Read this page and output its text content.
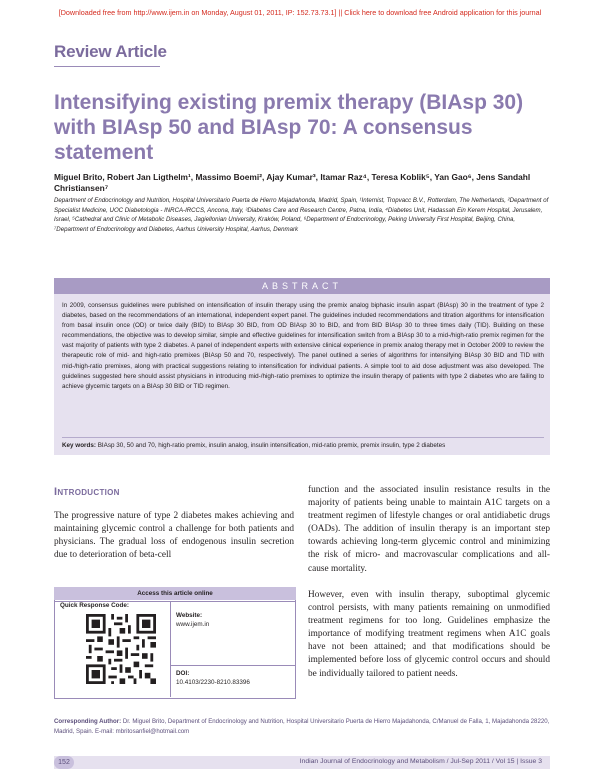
[Downloaded free from http://www.ijem.in on Monday, August 01, 2011, IP: 152.73.73.1] || Click here to download free Android application for this journal
Review Article
Intensifying existing premix therapy (BIAsp 30) with BIAsp 50 and BIAsp 70: A consensus statement
Miguel Brito, Robert Jan Ligthelm¹, Massimo Boemi², Ajay Kumar³, Itamar Raz⁴, Teresa Koblik⁵, Yan Gao⁶, Jens Sandahl Christiansen⁷
Department of Endocrinology and Nutrition, Hospital Universitario Puerta de Hierro Majadahonda, Madrid, Spain, ¹Internist, Tropvacc B.V., Rotterdam, The Netherlands, ²Department of Specialist Medicine, UOC Diabetologia - INRCA-IRCCS, Ancona, Italy, ³Diabetes Care and Research Centre, Patna, India, ⁴Diabetes Unit, Hadassah Ein Kerem Hospital, Jerusalem, Israel, ⁵Cathedral and Clinic of Metabolic Diseases, Jagiellonian University, Kraków, Poland, ⁶Department of Endocrinology, Peking University First Hospital, Beijing, China, ⁷Department of Endocrinology and Diabetes, Aarhus University Hospital, Aarhus, Denmark
ABSTRACT
In 2009, consensus guidelines were published on intensification of insulin therapy using the premix analog biphasic insulin aspart (BIAsp) 30 in the treatment of type 2 diabetes, based on the recommendations of an international, independent expert panel. The guidelines included recommendations and titration algorithms for intensification from basal insulin once (OD) or twice daily (BID) to BIAsp 30 BID, from OD BIAsp 30 to BID, and from BID BIAsp 30 to three times daily (TID). Building on these recommendations, the objective was to develop similar, simple and effective guidelines for intensification switch from a BIAsp 30 to a mid-/high-ratio premix regimen for the vast majority of patients with type 2 diabetes. A panel of independent experts with extensive clinical experience in premix analog therapy met in October 2009 to review the therapeutic role of mid- and high-ratio premixes (BIAsp 50 and 70, respectively). The panel outlined a series of algorithms for intensifying BIAsp 30 BID and TID with mid-/high-ratio premixes, along with practical suggestions relating to intensification for individual patients. A simple tool to aid dose adjustment was also developed. The guidelines suggested here should assist physicians in introducing mid-/high-ratio premixes to optimize the insulin therapy of patients with type 2 diabetes who are failing to achieve glycemic targets on a BIAsp 30 BID or TID regimen.
Key words: BIAsp 30, 50 and 70, high-ratio premix, insulin analog, insulin intensification, mid-ratio premix, premix insulin, type 2 diabetes
Introduction
The progressive nature of type 2 diabetes makes achieving and maintaining glycemic control a challenge for both patients and physicians. The gradual loss of endogenous insulin secretion due to deterioration of beta-cell
function and the associated insulin resistance results in the majority of patients being unable to maintain A1C targets on a treatment regimen of lifestyle changes or oral antidiabetic drugs (OADs). The addition of insulin therapy is an important step towards achieving long-term glycemic control and minimizing the risk of micro- and macrovascular complications and all-cause mortality.
However, even with insulin therapy, suboptimal glycemic control persists, with many patients remaining on unmodified treatment regimens for too long. Guidelines emphasize the importance of modifying treatment regimens when A1C goals have not been attained; and that modifications should be implemented before loss of glycemic control occurs and should be individually tailored to patient needs.
Access this article online
Quick Response Code:
Website:
www.ijem.in
DOI:
10.4103/2230-8210.83396
Corresponding Author: Dr. Miguel Brito, Department of Endocrinology and Nutrition, Hospital Universitario Puerta de Hierro Majadahonda, C/Manuel de Falla, 1, Majadahonda 28220, Madrid, Spain. E-mail: mbritosanfiel@hotmail.com
152	Indian Journal of Endocrinology and Metabolism / Jul-Sep 2011 / Vol 15 | Issue 3
